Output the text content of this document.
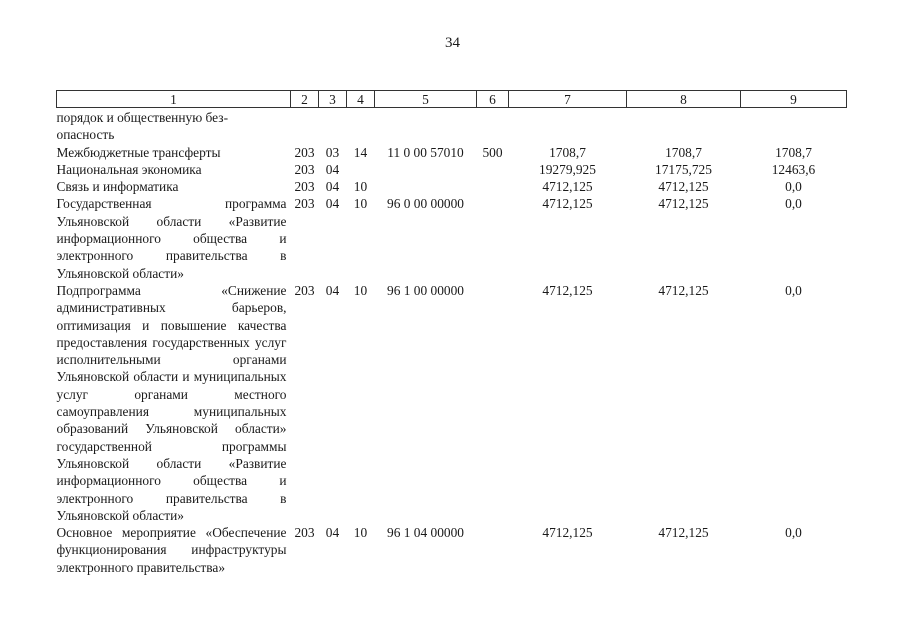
34
1	2	3	4	5	6	7	8	9
порядок и общественную без-
опасность								
Межбюджетные трансферты	203	03	14	11 0 00 57010	500	1708,7	1708,7	1708,7
Национальная экономика	203	04				19279,925	17175,725	12463,6
Связь и информатика	203	04	10			4712,125	4712,125	0,0
Государственная программа Ульяновской области «Развитие информационного общества и электронного правительства в Ульяновской области»	203	04	10	96 0 00 00000		4712,125	4712,125	0,0
Подпрограмма «Снижение административных барьеров, оптимизация и повышение качества предоставления государственных услуг исполнительными органами Ульяновской области и муниципальных услуг органами местного самоуправления муниципальных образований Ульяновской области» государственной программы Ульяновской области «Развитие информационного общества и электронного правительства в Ульяновской области»	203	04	10	96 1 00 00000		4712,125	4712,125	0,0
Основное мероприятие «Обеспечение функционирования инфраструктуры электронного правительства»	203	04	10	96 1 04 00000		4712,125	4712,125	0,0
